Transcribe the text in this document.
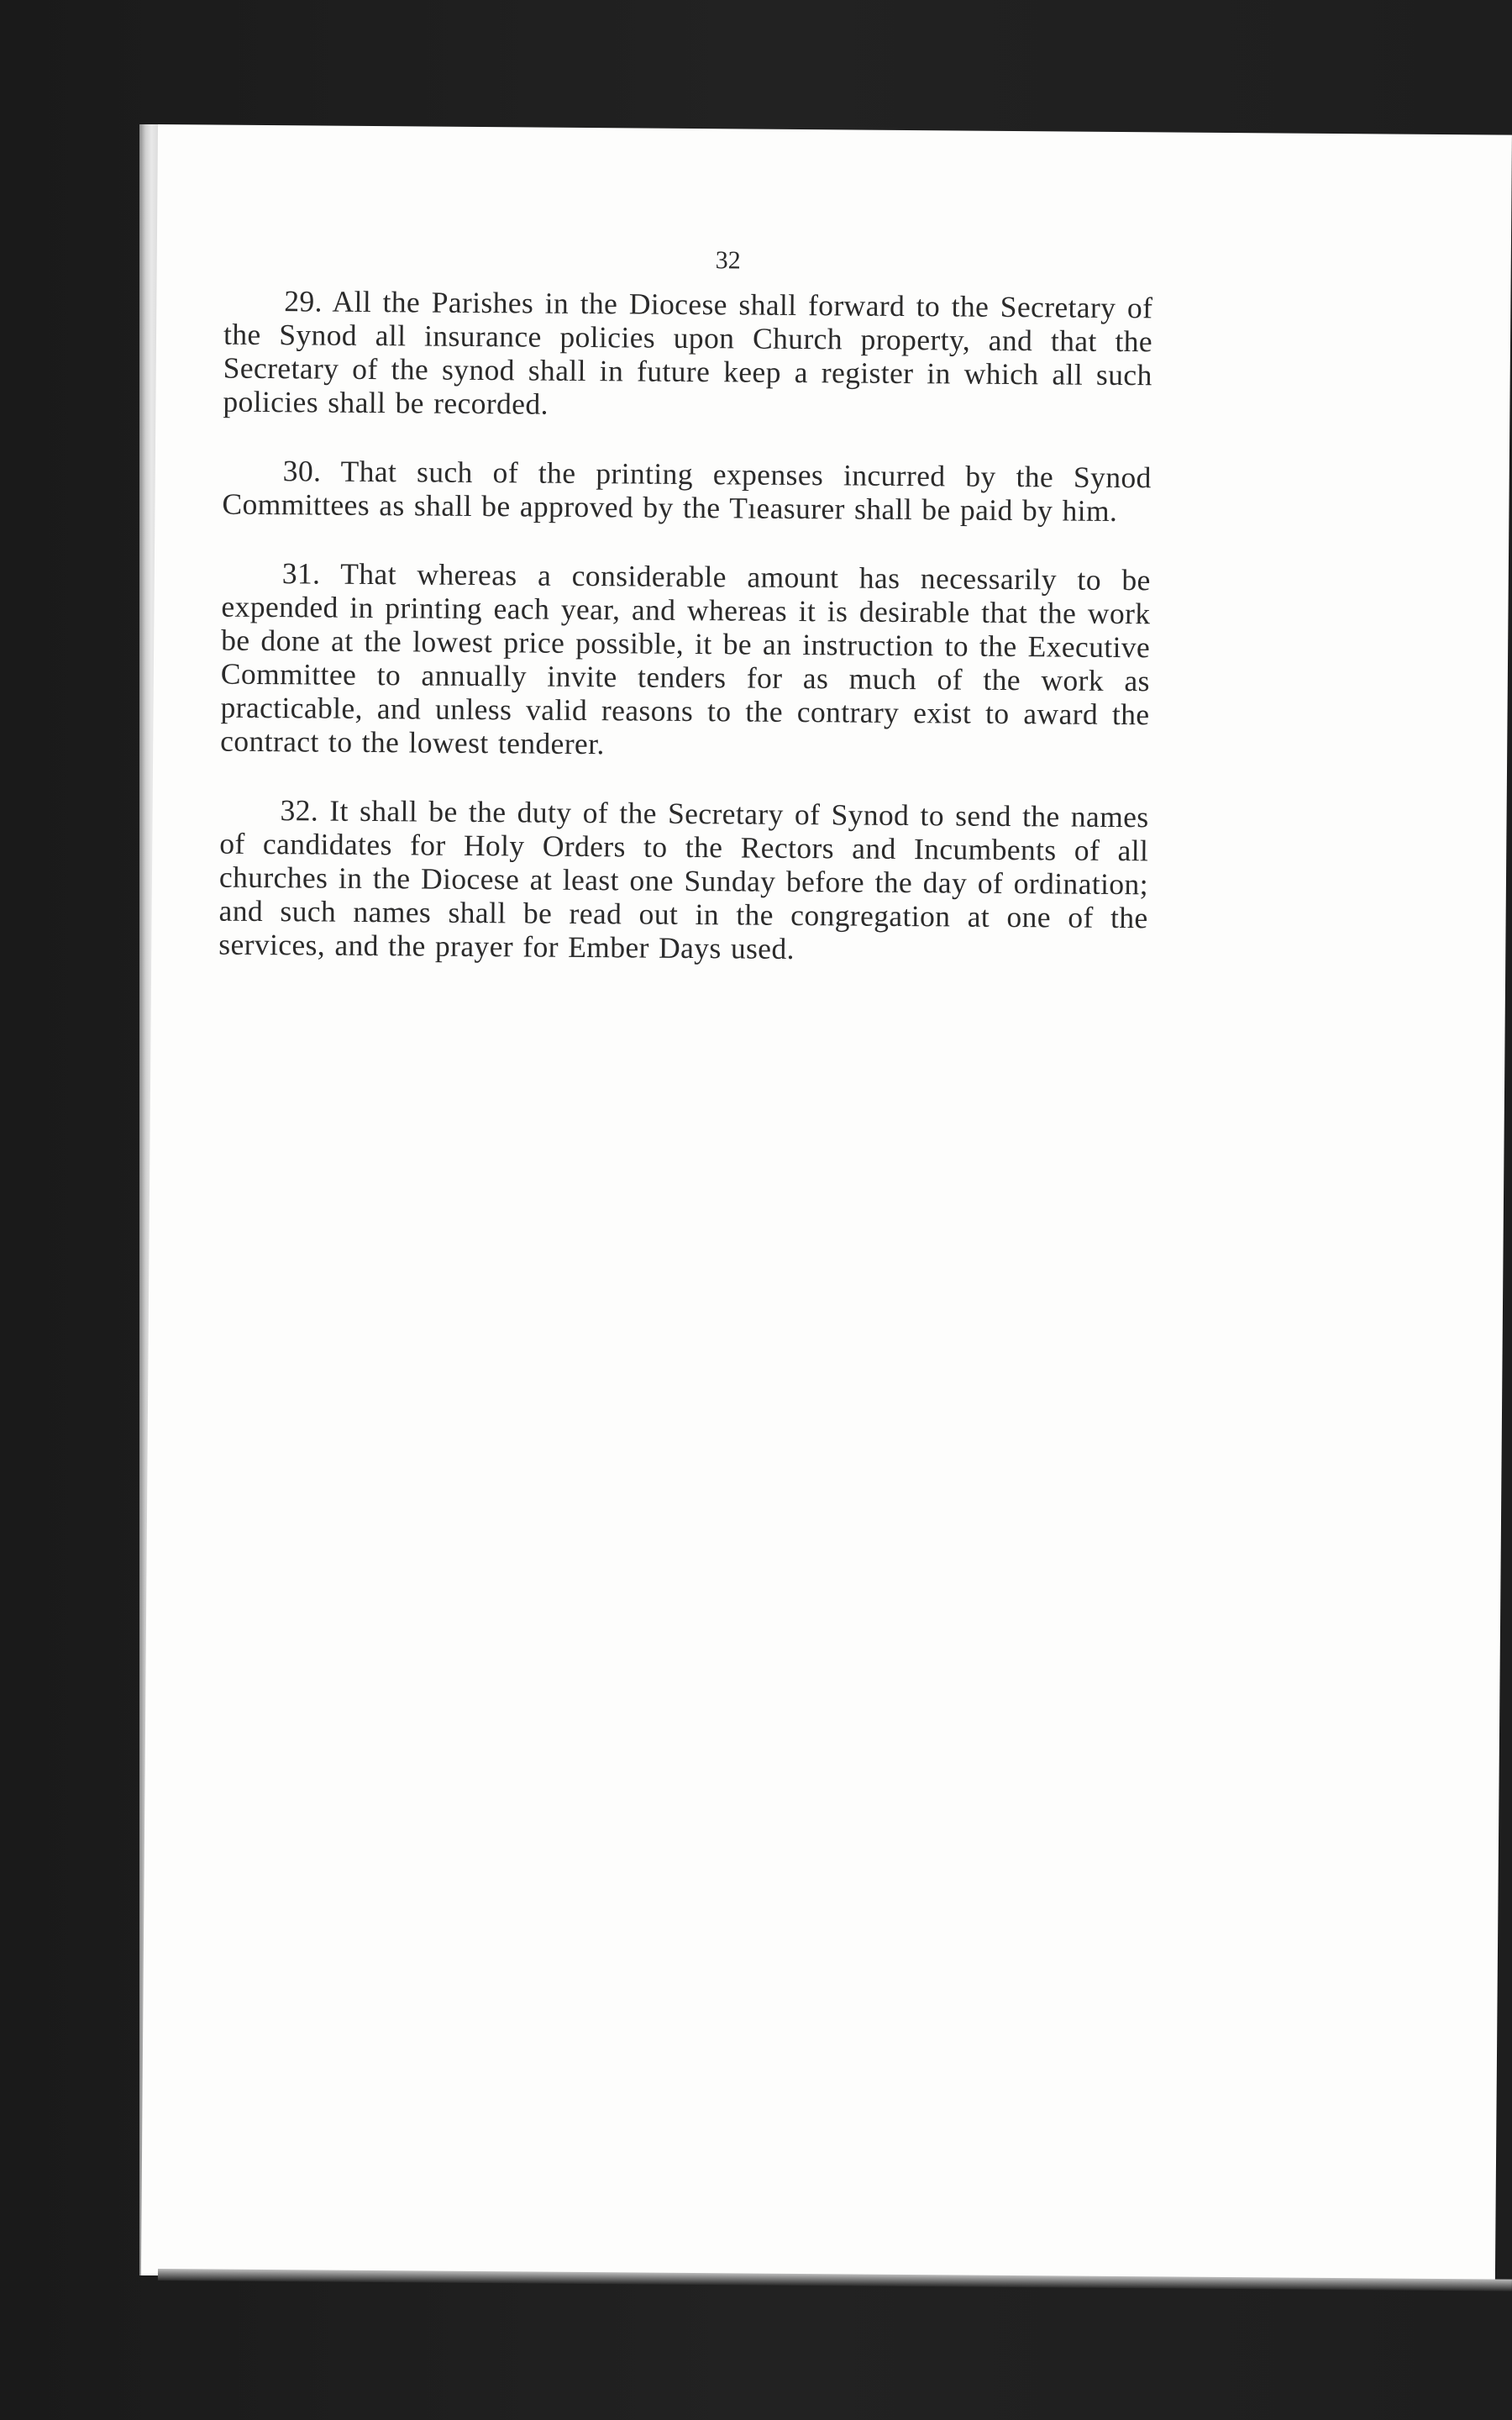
32

29. All the Parishes in the Diocese shall forward to the Secretary of the Synod all insurance policies upon Church property, and that the Secretary of the synod shall in future keep a register in which all such policies shall be recorded.

30. That such of the printing expenses incurred by the Synod Committees as shall be approved by the Tıeasurer shall be paid by him.

31. That whereas a considerable amount has necessarily to be expended in printing each year, and whereas it is desirable that the work be done at the lowest price possible, it be an instruction to the Executive Committee to annually invite tenders for as much of the work as practicable, and unless valid reasons to the contrary exist to award the contract to the lowest tenderer.

32. It shall be the duty of the Secretary of Synod to send the names of candidates for Holy Orders to the Rectors and Incumbents of all churches in the Diocese at least one Sunday before the day of ordination; and such names shall be read out in the congregation at one of the services, and the prayer for Ember Days used.
